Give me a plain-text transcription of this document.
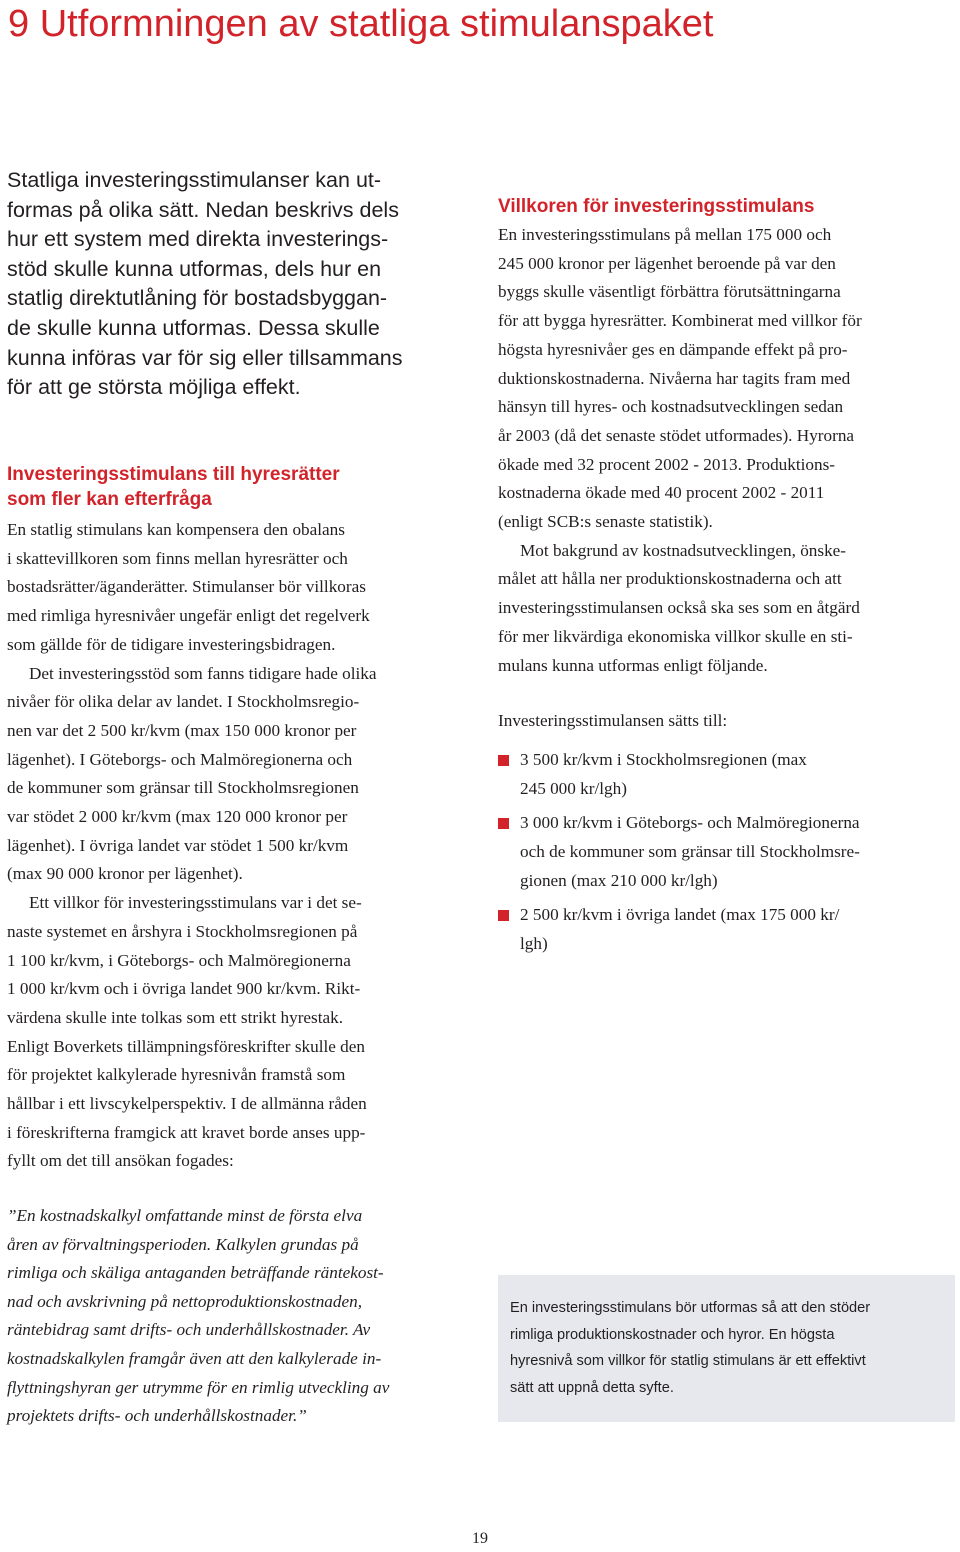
9 Utformningen av statliga stimulanspaket
Statliga investeringsstimulanser kan ut-
formas på olika sätt. Nedan beskrivs dels
hur ett system med direkta investerings-
stöd skulle kunna utformas, dels hur en
statlig direktutlåning för bostadsbyggan-
de skulle kunna utformas. Dessa skulle
kunna införas var för sig eller tillsammans
för att ge största möjliga effekt.
Investeringsstimulans till hyresrätter
som fler kan efterfråga
En statlig stimulans kan kompensera den obalans
i skattevillkoren som finns mellan hyresrätter och
bostadsrätter/äganderätter. Stimulanser bör villkoras
med rimliga hyresnivåer ungefär enligt det regelverk
som gällde för de tidigare investeringsbidragen.
Det investeringsstöd som fanns tidigare hade olika
nivåer för olika delar av landet. I Stockholmsregio-
nen var det 2 500 kr/kvm (max 150 000 kronor per
lägenhet). I Göteborgs- och Malmöregionerna och
de kommuner som gränsar till Stockholmsregionen
var stödet 2 000 kr/kvm (max 120 000 kronor per
lägenhet). I övriga landet var stödet 1 500 kr/kvm
(max 90 000 kronor per lägenhet).
Ett villkor för investeringsstimulans var i det se-
naste systemet en årshyra i Stockholmsregionen på
1 100 kr/kvm, i Göteborgs- och Malmöregionerna
1 000 kr/kvm och i övriga landet 900 kr/kvm. Rikt-
värdena skulle inte tolkas som ett strikt hyrestak.
Enligt Boverkets tillämpningsföreskrifter skulle den
för projektet kalkylerade hyresnivån framstå som
hållbar i ett livscykelperspektiv. I de allmänna råden
i föreskrifterna framgick att kravet borde anses upp-
fyllt om det till ansökan fogades:
”En kostnadskalkyl omfattande minst de första elva
åren av förvaltningsperioden. Kalkylen grundas på
rimliga och skäliga antaganden beträffande räntekost-
nad och avskrivning på nettoproduktionskostnaden,
räntebidrag samt drifts- och underhållskostnader. Av
kostnadskalkylen framgår även att den kalkylerade in-
flyttningshyran ger utrymme för en rimlig utveckling av
projektets drifts- och underhållskostnader.”
Villkoren för investeringsstimulans
En investeringsstimulans på mellan 175 000 och
245 000 kronor per lägenhet beroende på var den
byggs skulle väsentligt förbättra förutsättningarna
för att bygga hyresrätter. Kombinerat med villkor för
högsta hyresnivåer ges en dämpande effekt på pro-
duktionskostnaderna. Nivåerna har tagits fram med
hänsyn till hyres- och kostnadsutvecklingen sedan
år 2003 (då det senaste stödet utformades). Hyrorna
ökade med 32 procent 2002 - 2013. Produktions-
kostnaderna ökade med 40 procent 2002 - 2011
(enligt SCB:s senaste statistik).
Mot bakgrund av kostnadsutvecklingen, önske-
målet att hålla ner produktionskostnaderna och att
investeringsstimulansen också ska ses som en åtgärd
för mer likvärdiga ekonomiska villkor skulle en sti-
mulans kunna utformas enligt följande.
Investeringsstimulansen sätts till:
3 500 kr/kvm i Stockholmsregionen (max
245 000 kr/lgh)
3 000 kr/kvm i Göteborgs- och Malmöregionerna
och de kommuner som gränsar till Stockholmsre-
gionen (max 210 000 kr/lgh)
2 500 kr/kvm i övriga landet (max 175 000 kr/
lgh)
En investeringsstimulans bör utformas så att den stöder
rimliga produktionskostnader och hyror. En högsta
hyresnivå som villkor för statlig stimulans är ett effektivt
sätt att uppnå detta syfte.
19
